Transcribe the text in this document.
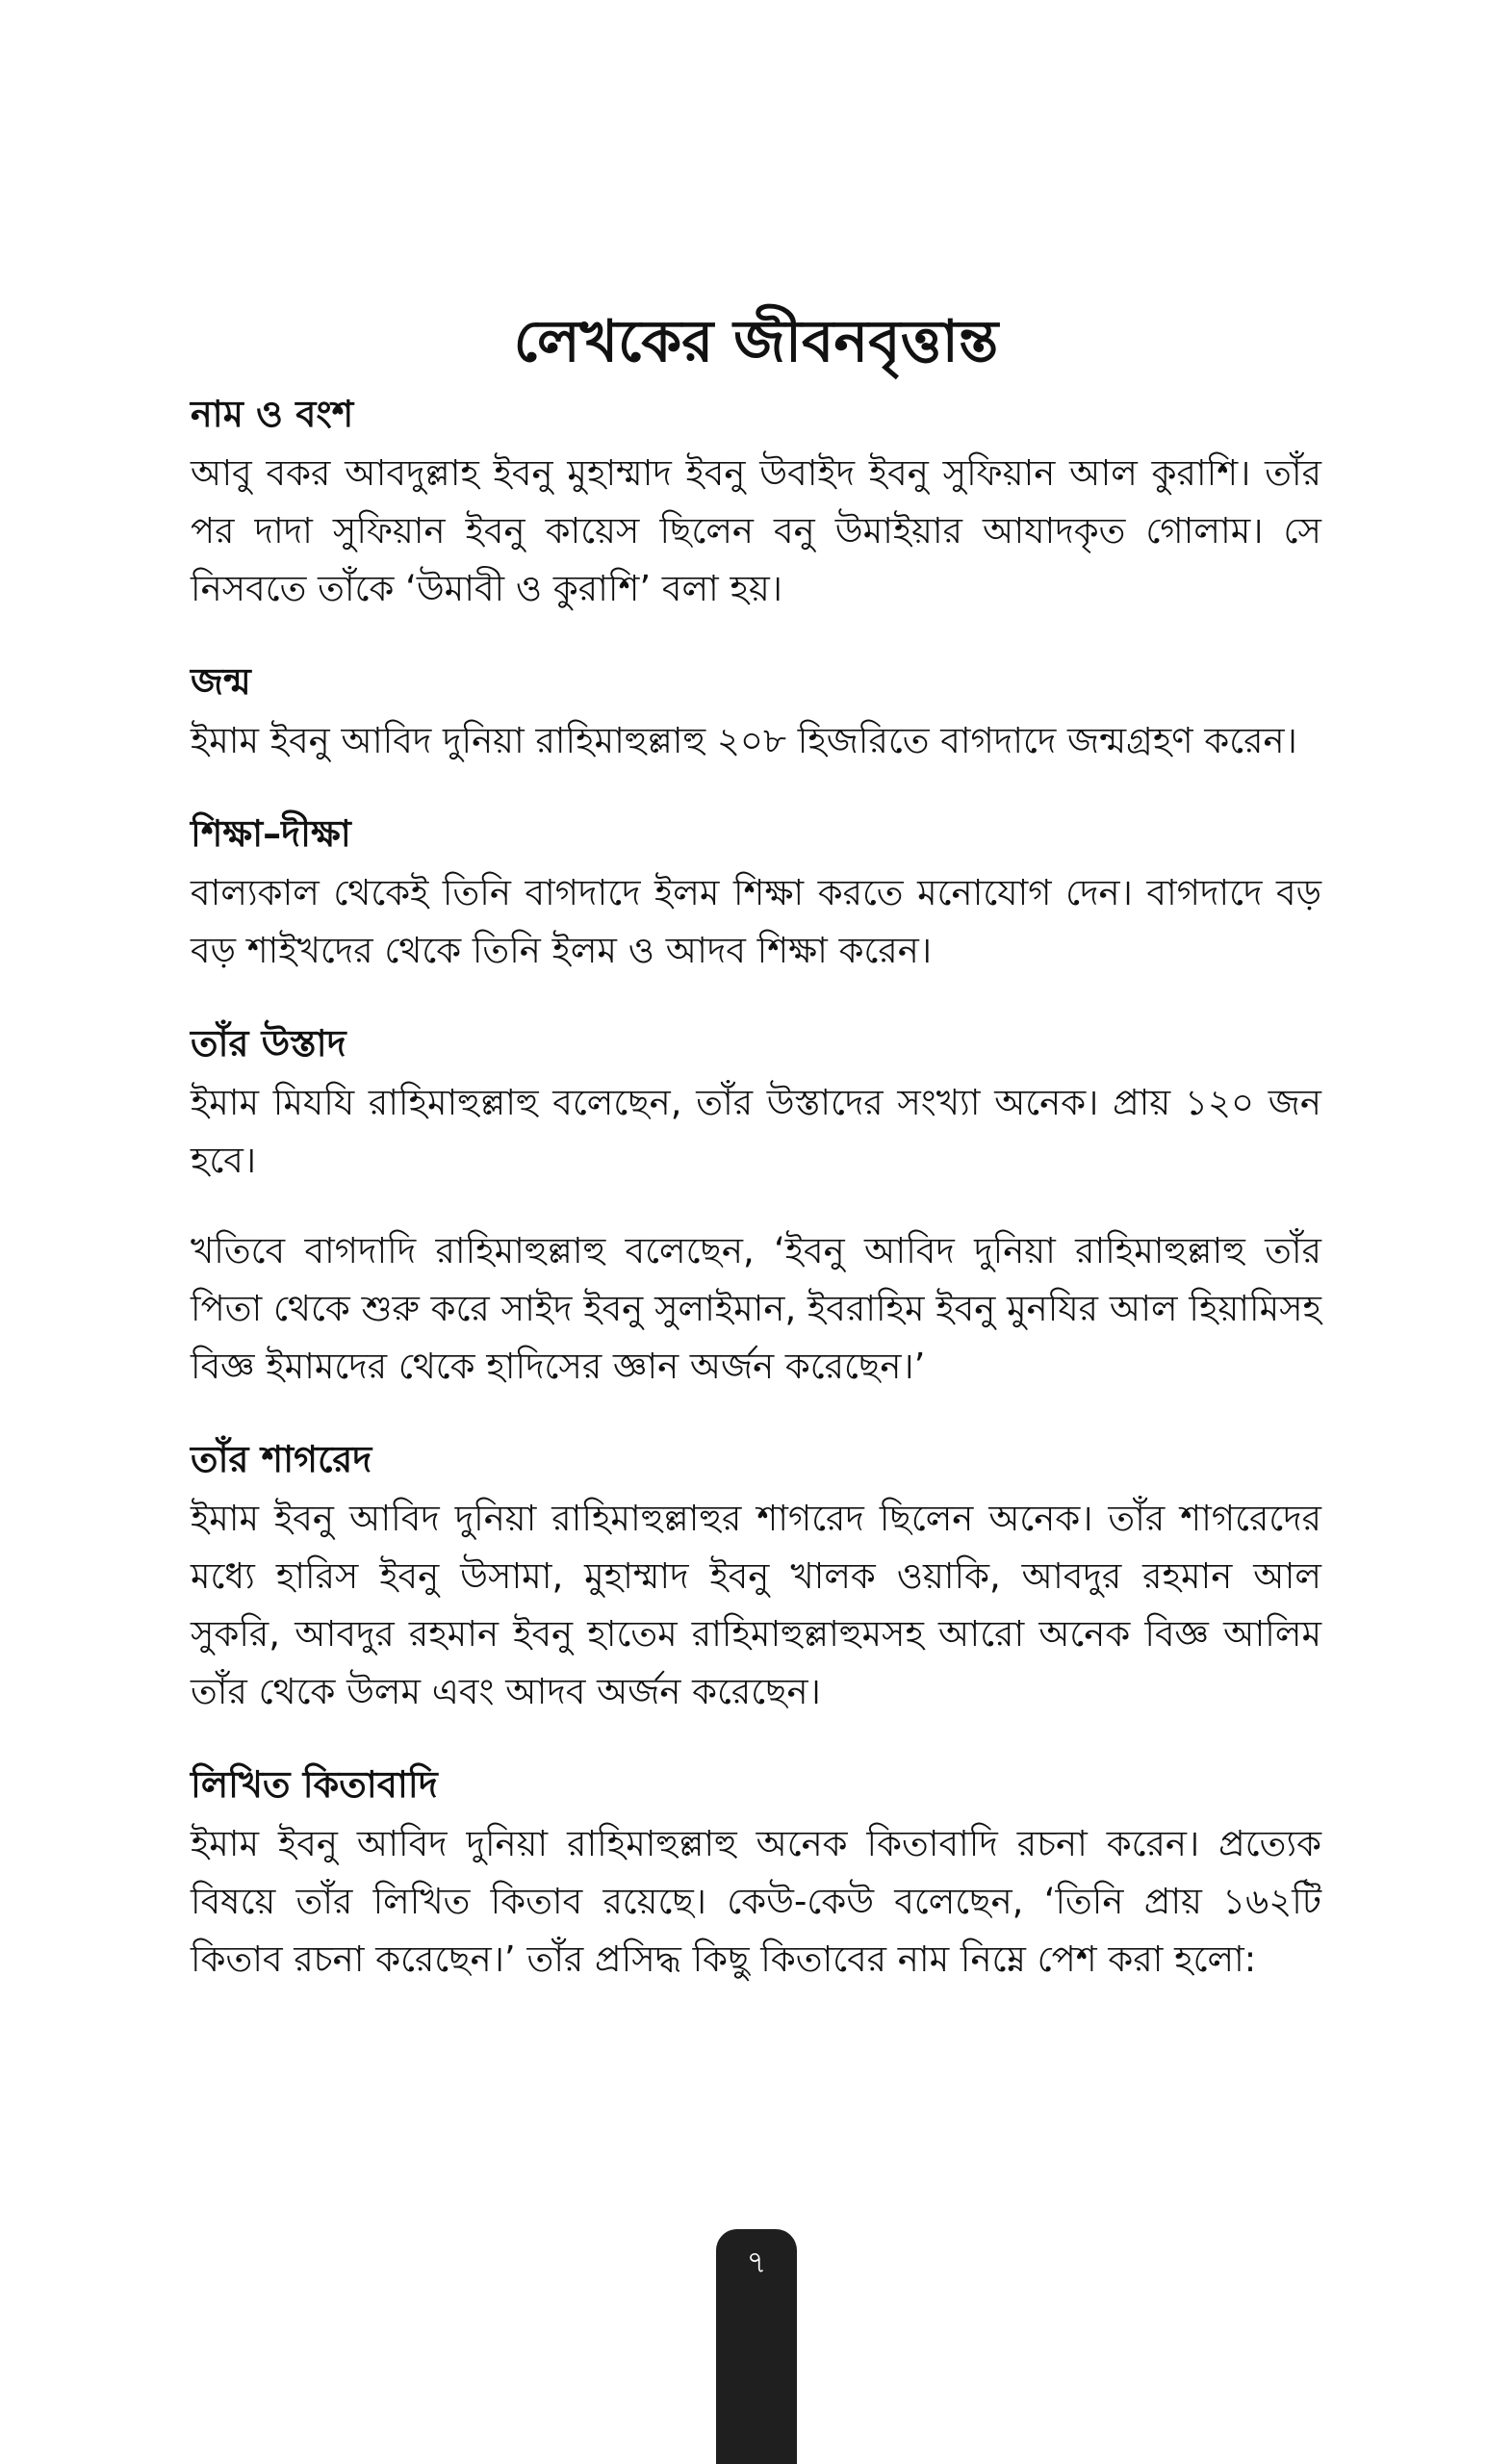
লেখকের জীবনবৃত্তান্ত
নাম ও বংশ

আবু বকর আবদুল্লাহ ইবনু মুহাম্মাদ ইবনু উবাইদ ইবনু সুফিয়ান আল কুরাশি। তাঁর পর দাদা সুফিয়ান ইবনু কায়েস ছিলেন বনু উমাইয়ার আযাদকৃত গোলাম। সে নিসবতে তাঁকে ‘উমাবী ও কুরাশি’ বলা হয়।

জন্ম

ইমাম ইবনু আবিদ দুনিয়া রাহিমাহুল্লাহু ২০৮ হিজরিতে বাগদাদে জন্মগ্রহণ করেন।

শিক্ষা–দীক্ষা

বাল্যকাল থেকেই তিনি বাগদাদে ইলম শিক্ষা করতে মনোযোগ দেন। বাগদাদে বড় বড় শাইখদের থেকে তিনি ইলম ও আদব শিক্ষা করেন।

তাঁর উস্তাদ

ইমাম মিযযি রাহিমাহুল্লাহু বলেছেন, তাঁর উস্তাদের সংখ্যা অনেক। প্রায় ১২০ জন হবে।

খতিবে বাগদাদি রাহিমাহুল্লাহু বলেছেন, ‘ইবনু আবিদ দুনিয়া রাহিমাহুল্লাহু তাঁর পিতা থেকে শুরু করে সাইদ ইবনু সুলাইমান, ইবরাহিম ইবনু মুনযির আল হিয়ামিসহ বিজ্ঞ ইমামদের থেকে হাদিসের জ্ঞান অর্জন করেছেন।’

তাঁর শাগরেদ

ইমাম ইবনু আবিদ দুনিয়া রাহিমাহুল্লাহুর শাগরেদ ছিলেন অনেক। তাঁর শাগরেদের মধ্যে হারিস ইবনু উসামা, মুহাম্মাদ ইবনু খালক ওয়াকি, আবদুর রহমান আল সুকরি, আবদুর রহমান ইবনু হাতেম রাহিমাহুল্লাহুমসহ আরো অনেক বিজ্ঞ আলিম তাঁর থেকে উলম এবং আদব অর্জন করেছেন।

লিখিত কিতাবাদি

ইমাম ইবনু আবিদ দুনিয়া রাহিমাহুল্লাহু অনেক কিতাবাদি রচনা করেন। প্রত্যেক বিষয়ে তাঁর লিখিত কিতাব রয়েছে। কেউ-কেউ বলেছেন, ‘তিনি প্রায় ১৬২টি কিতাব রচনা করেছেন।’ তাঁর প্রসিদ্ধ কিছু কিতাবের নাম নিম্নে পেশ করা হলো:

৭
